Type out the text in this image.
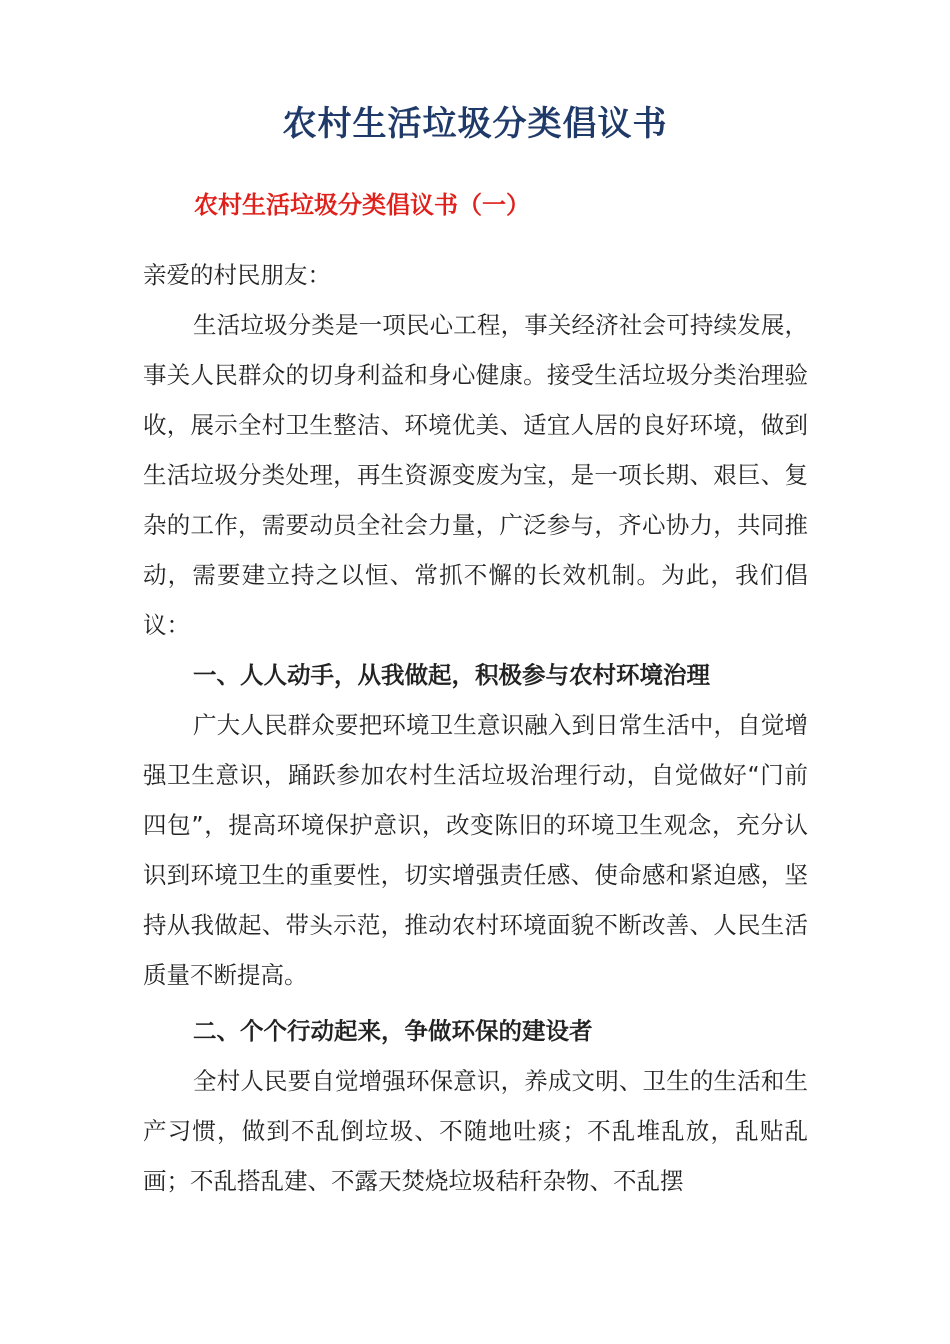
农村生活垃圾分类倡议书
农村生活垃圾分类倡议书（一）

亲爱的村民朋友：

生活垃圾分类是一项民心工程，事关经济社会可持续发展，事关人民群众的切身利益和身心健康。接受生活垃圾分类治理验收，展示全村卫生整洁、环境优美、适宜人居的良好环境，做到生活垃圾分类处理，再生资源变废为宝，是一项长期、艰巨、复杂的工作，需要动员全社会力量，广泛参与，齐心协力，共同推动，需要建立持之以恒、常抓不懈的长效机制。为此，我们倡议：

一、人人动手，从我做起，积极参与农村环境治理

广大人民群众要把环境卫生意识融入到日常生活中，自觉增强卫生意识，踊跃参加农村生活垃圾治理行动，自觉做好“门前四包”，提高环境保护意识，改变陈旧的环境卫生观念，充分认识到环境卫生的重要性，切实增强责任感、使命感和紧迫感，坚持从我做起、带头示范，推动农村环境面貌不断改善、人民生活质量不断提高。

二、个个行动起来，争做环保的建设者

全村人民要自觉增强环保意识，养成文明、卫生的生活和生产习惯，做到不乱倒垃圾、不随地吐痰；不乱堆乱放，乱贴乱画；不乱搭乱建、不露天焚烧垃圾秸秆杂物、不乱摆
